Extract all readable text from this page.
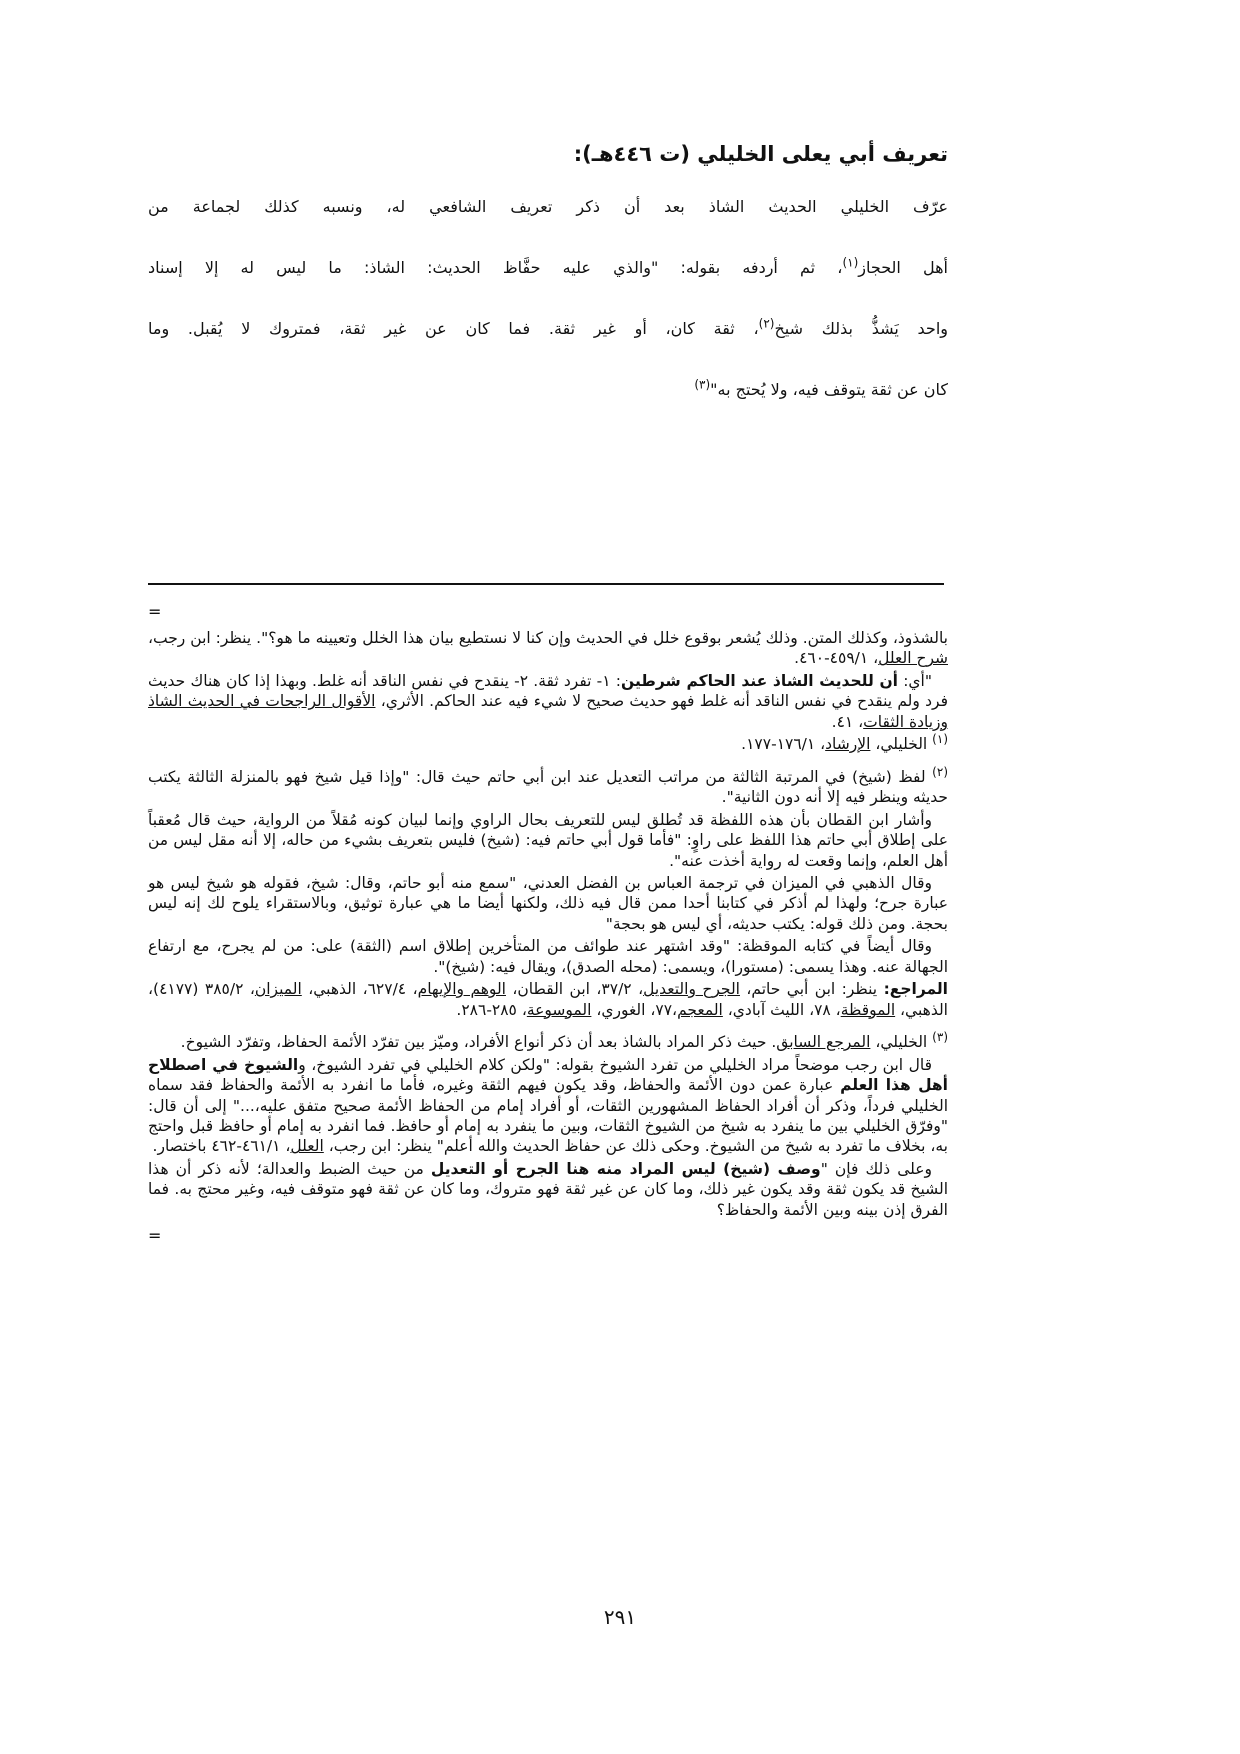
تعريف أبي يعلى الخليلي (ت ٤٤٦هـ):
عرّف الخليلي الحديث الشاذ بعد أن ذكر تعريف الشافعي له، ونسبه كذلك لجماعة من
أهل الحجاز$^{(١)}$، ثم أردفه بقوله: "والذي عليه حفَّاظ الحديث: الشاذ: ما ليس له إلا إسناد
واحد يَشذُّ بذلك شيخ$^{(٢)}$، ثقة كان، أو غير ثقة. فما كان عن غير ثقة، فمتروك لا يُقبل. وما
كان عن ثقة يتوقف فيه، ولا يُحتج به"$^{(٣)}$
=

بالشذوذ، وكذلك المتن. وذلك يُشعر بوقوع خلل في الحديث وإن كنا لا نستطيع بيان هذا الخلل وتعيينه ما هو؟". ينظر: ابن رجب، شرح العلل، ٤٥٩/١-٤٦٠.

"أي: أن للحديث الشاذ عند الحاكم شرطين: ١- تفرد ثقة. ٢- ينقدح في نفس الناقد أنه غلط. وبهذا إذا كان هناك حديث فرد ولم ينقدح في نفس الناقد أنه غلط فهو حديث صحيح لا شيء فيه عند الحاكم. الأثري، الأقوال الراجحات في الحديث الشاذ وزيادة الثقات، ٤١.

$^{(١)}$ الخليلي، الإرشاد، ١٧٦/١-١٧٧.

$^{(٢)}$ لفظ (شيخ) في المرتبة الثالثة من مراتب التعديل عند ابن أبي حاتم حيث قال: "وإذا قيل شيخ فهو بالمنزلة الثالثة يكتب حديثه وينظر فيه إلا أنه دون الثانية".

وأشار ابن القطان بأن هذه اللفظة قد تُطلق ليس للتعريف بحال الراوي وإنما لبيان كونه مُقلاً من الرواية، حيث قال مُعقباً على إطلاق أبي حاتم هذا اللفظ على راوٍ: "فأما قول أبي حاتم فيه: (شيخ) فليس بتعريف بشيء من حاله، إلا أنه مقل ليس من أهل العلم، وإنما وقعت له رواية أخذت عنه".

وقال الذهبي في الميزان في ترجمة العباس بن الفضل العدني، "سمع منه أبو حاتم، وقال: شيخ، فقوله هو شيخ ليس هو عبارة جرح؛ ولهذا لم أذكر في كتابنا أحدا ممن قال فيه ذلك، ولكنها أيضا ما هي عبارة توثيق، وبالاستقراء يلوح لك إنه ليس بحجة. ومن ذلك قوله: يكتب حديثه، أي ليس هو بحجة"

وقال أيضاً في كتابه الموقظة: "وقد اشتهر عند طوائف من المتأخرين إطلاق اسم (الثقة) على: من لم يجرح، مع ارتفاع الجهالة عنه. وهذا يسمى: (مستورا)، ويسمى: (محله الصدق)، ويقال فيه: (شيخ)".

المراجع: ينظر: ابن أبي حاتم، الجرح والتعديل، ٣٧/٢، ابن القطان، الوهم والإيهام، ٦٢٧/٤، الذهبي، الميزان، ٣٨٥/٢ (٤١٧٧)، الذهبي، الموقظة، ٧٨، الليث آبادي، المعجم،٧٧، الغوري، الموسوعة، ٢٨٥-٢٨٦.

$^{(٣)}$ الخليلي، المرجع السابق. حيث ذكر المراد بالشاذ بعد أن ذكر أنواع الأفراد، وميّز بين تفرّد الأئمة الحفاظ، وتفرّد الشيوخ.

قال ابن رجب موضحاً مراد الخليلي من تفرد الشيوخ بقوله: "ولكن كلام الخليلي في تفرد الشيوخ، والشيوخ في اصطلاح أهل هذا العلم عبارة عمن دون الأئمة والحفاظ، وقد يكون فيهم الثقة وغيره، فأما ما انفرد به الأئمة والحفاظ فقد سماه الخليلي فرداً، وذكر أن أفراد الحفاظ المشهورين الثقات، أو أفراد إمام من الحفاظ الأئمة صحيح متفق عليه،..." إلى أن قال: "وفرّق الخليلي بين ما ينفرد به شيخ من الشيوخ الثقات، وبين ما ينفرد به إمام أو حافظ. فما انفرد به إمام أو حافظ قبل واحتج به، بخلاف ما تفرد به شيخ من الشيوخ. وحكى ذلك عن حفاظ الحديث والله أعلم" ينظر: ابن رجب، العلل، ٤٦١/١-٤٦٢ باختصار.

وعلى ذلك فإن "وصف (شيخ) ليس المراد منه هنا الجرح أو التعديل من حيث الضبط والعدالة؛ لأنه ذكر أن هذا الشيخ قد يكون ثقة وقد يكون غير ذلك، وما كان عن غير ثقة فهو متروك، وما كان عن ثقة فهو متوقف فيه، وغير محتج به. فما الفرق إذن بينه وبين الأئمة والحفاظ؟

=
٢٩١
